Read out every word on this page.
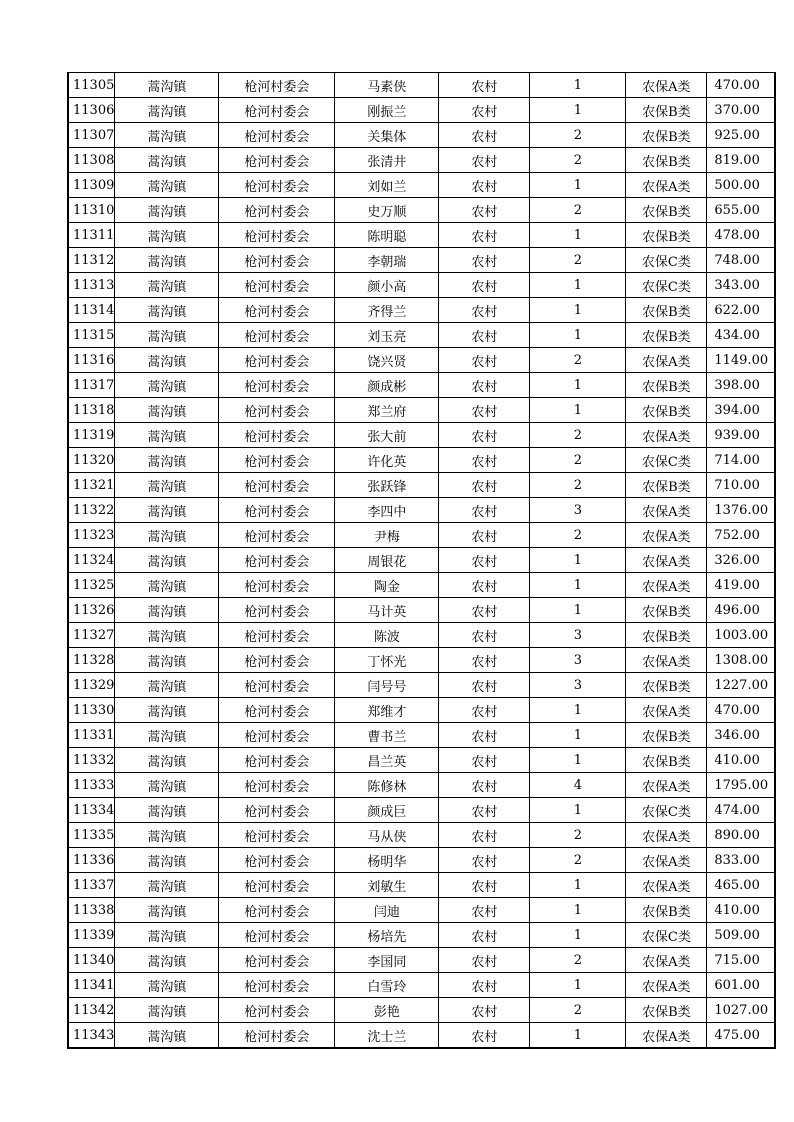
11305	蒿沟镇	枪河村委会	马素侠	农村	1	农保A类	470.00
11306	蒿沟镇	枪河村委会	刚振兰	农村	1	农保B类	370.00
11307	蒿沟镇	枪河村委会	关集体	农村	2	农保B类	925.00
11308	蒿沟镇	枪河村委会	张清井	农村	2	农保B类	819.00
11309	蒿沟镇	枪河村委会	刘如兰	农村	1	农保A类	500.00
11310	蒿沟镇	枪河村委会	史万顺	农村	2	农保B类	655.00
11311	蒿沟镇	枪河村委会	陈明聪	农村	1	农保B类	478.00
11312	蒿沟镇	枪河村委会	李朝瑞	农村	2	农保C类	748.00
11313	蒿沟镇	枪河村委会	颜小高	农村	1	农保C类	343.00
11314	蒿沟镇	枪河村委会	齐得兰	农村	1	农保B类	622.00
11315	蒿沟镇	枪河村委会	刘玉亮	农村	1	农保B类	434.00
11316	蒿沟镇	枪河村委会	饶兴贤	农村	2	农保A类	1149.00
11317	蒿沟镇	枪河村委会	颜成彬	农村	1	农保B类	398.00
11318	蒿沟镇	枪河村委会	郑兰府	农村	1	农保B类	394.00
11319	蒿沟镇	枪河村委会	张大前	农村	2	农保A类	939.00
11320	蒿沟镇	枪河村委会	许化英	农村	2	农保C类	714.00
11321	蒿沟镇	枪河村委会	张跃锋	农村	2	农保B类	710.00
11322	蒿沟镇	枪河村委会	李四中	农村	3	农保A类	1376.00
11323	蒿沟镇	枪河村委会	尹梅	农村	2	农保A类	752.00
11324	蒿沟镇	枪河村委会	周银花	农村	1	农保A类	326.00
11325	蒿沟镇	枪河村委会	陶金	农村	1	农保A类	419.00
11326	蒿沟镇	枪河村委会	马计英	农村	1	农保B类	496.00
11327	蒿沟镇	枪河村委会	陈波	农村	3	农保B类	1003.00
11328	蒿沟镇	枪河村委会	丁怀光	农村	3	农保A类	1308.00
11329	蒿沟镇	枪河村委会	闫号号	农村	3	农保B类	1227.00
11330	蒿沟镇	枪河村委会	郑维才	农村	1	农保A类	470.00
11331	蒿沟镇	枪河村委会	曹书兰	农村	1	农保B类	346.00
11332	蒿沟镇	枪河村委会	昌兰英	农村	1	农保B类	410.00
11333	蒿沟镇	枪河村委会	陈修林	农村	4	农保A类	1795.00
11334	蒿沟镇	枪河村委会	颜成巨	农村	1	农保C类	474.00
11335	蒿沟镇	枪河村委会	马从侠	农村	2	农保A类	890.00
11336	蒿沟镇	枪河村委会	杨明华	农村	2	农保A类	833.00
11337	蒿沟镇	枪河村委会	刘敏生	农村	1	农保A类	465.00
11338	蒿沟镇	枪河村委会	闫迪	农村	1	农保B类	410.00
11339	蒿沟镇	枪河村委会	杨培先	农村	1	农保C类	509.00
11340	蒿沟镇	枪河村委会	李国同	农村	2	农保A类	715.00
11341	蒿沟镇	枪河村委会	白雪玲	农村	1	农保A类	601.00
11342	蒿沟镇	枪河村委会	彭艳	农村	2	农保B类	1027.00
11343	蒿沟镇	枪河村委会	沈士兰	农村	1	农保A类	475.00
